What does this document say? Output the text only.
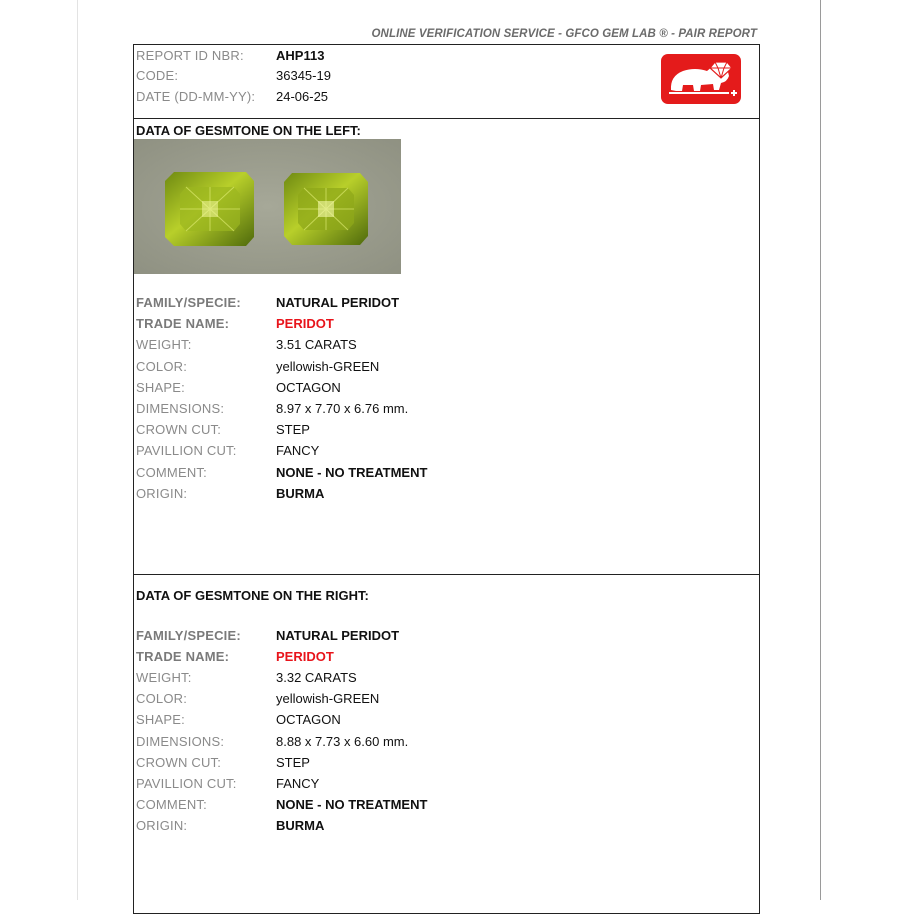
ONLINE VERIFICATION SERVICE - GFCO GEM LAB ® - PAIR REPORT
REPORT ID NBR: AHP113
CODE:	36345-19
DATE (DD-MM-YY): 24-06-25
DATA OF GESMTONE ON THE LEFT:
FAMILY/SPECIE:	NATURAL PERIDOT
TRADE NAME:	PERIDOT
WEIGHT:	3.51 CARATS
COLOR:	yellowish-GREEN
SHAPE:	OCTAGON
DIMENSIONS:	8.97 x 7.70 x 6.76 mm.
CROWN CUT:	STEP
PAVILLION CUT:	FANCY
COMMENT:	NONE - NO TREATMENT
ORIGIN:	BURMA
DATA OF GESMTONE ON THE RIGHT:
FAMILY/SPECIE:	NATURAL PERIDOT
TRADE NAME:	PERIDOT
WEIGHT:	3.32 CARATS
COLOR:	yellowish-GREEN
SHAPE:	OCTAGON
DIMENSIONS:	8.88 x 7.73 x 6.60 mm.
CROWN CUT:	STEP
PAVILLION CUT:	FANCY
COMMENT:	NONE - NO TREATMENT
ORIGIN:	BURMA
